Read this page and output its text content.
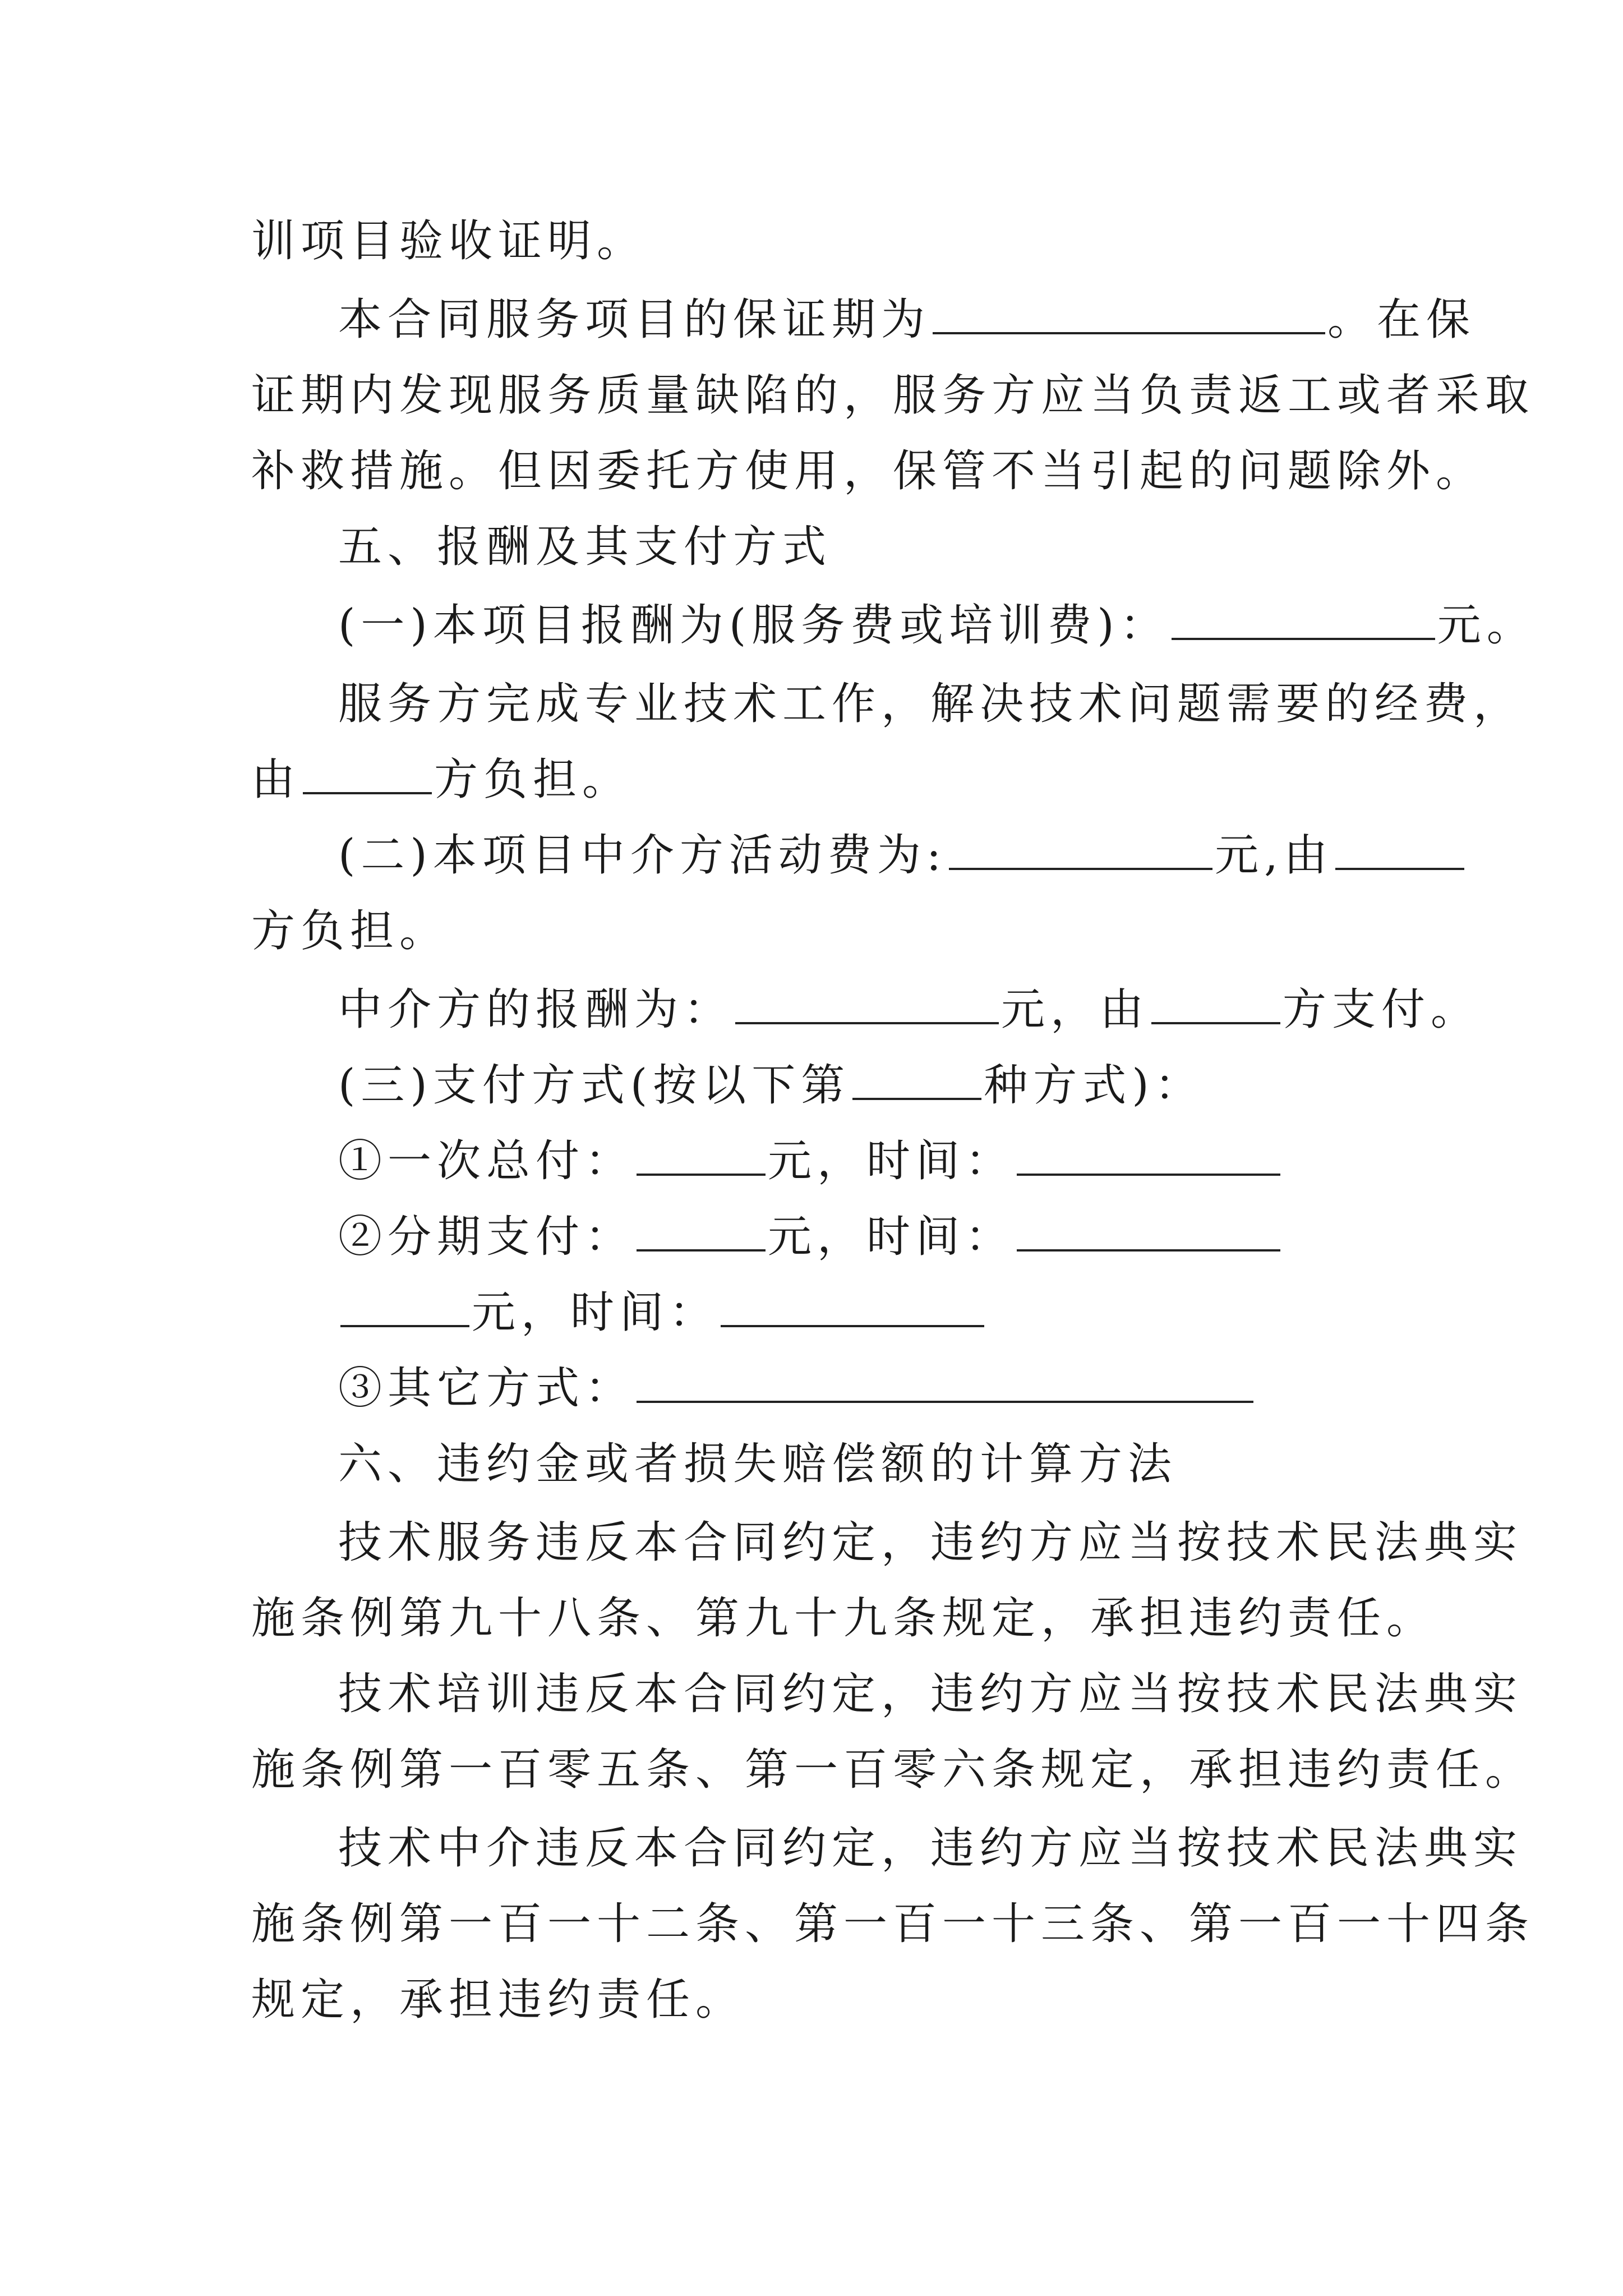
训项目验收证明。
本合同服务项目的保证期为	。在保
证期内发现服务质量缺陷的，服务方应当负责返工或者采取
补救措施。但因委托方使用，保管不当引起的问题除外。
五、报酬及其支付方式
(一)本项目报酬为(服务费或培训费)：	元。
服务方完成专业技术工作，解决技术问题需要的经费，
由	方负担。
(二)本项目中介方活动费为:	元,由
方负担。
中介方的报酬为：	元，由	方支付。
(三)支付方式(按以下第	种方式)：
①一次总付：	元，时间：
②分期支付：	元，时间：
元，时间：
③其它方式：
六、违约金或者损失赔偿额的计算方法
技术服务违反本合同约定，违约方应当按技术民法典实
施条例第九十八条、第九十九条规定，承担违约责任。
技术培训违反本合同约定，违约方应当按技术民法典实
施条例第一百零五条、第一百零六条规定，承担违约责任。
技术中介违反本合同约定，违约方应当按技术民法典实
施条例第一百一十二条、第一百一十三条、第一百一十四条
规定，承担违约责任。
